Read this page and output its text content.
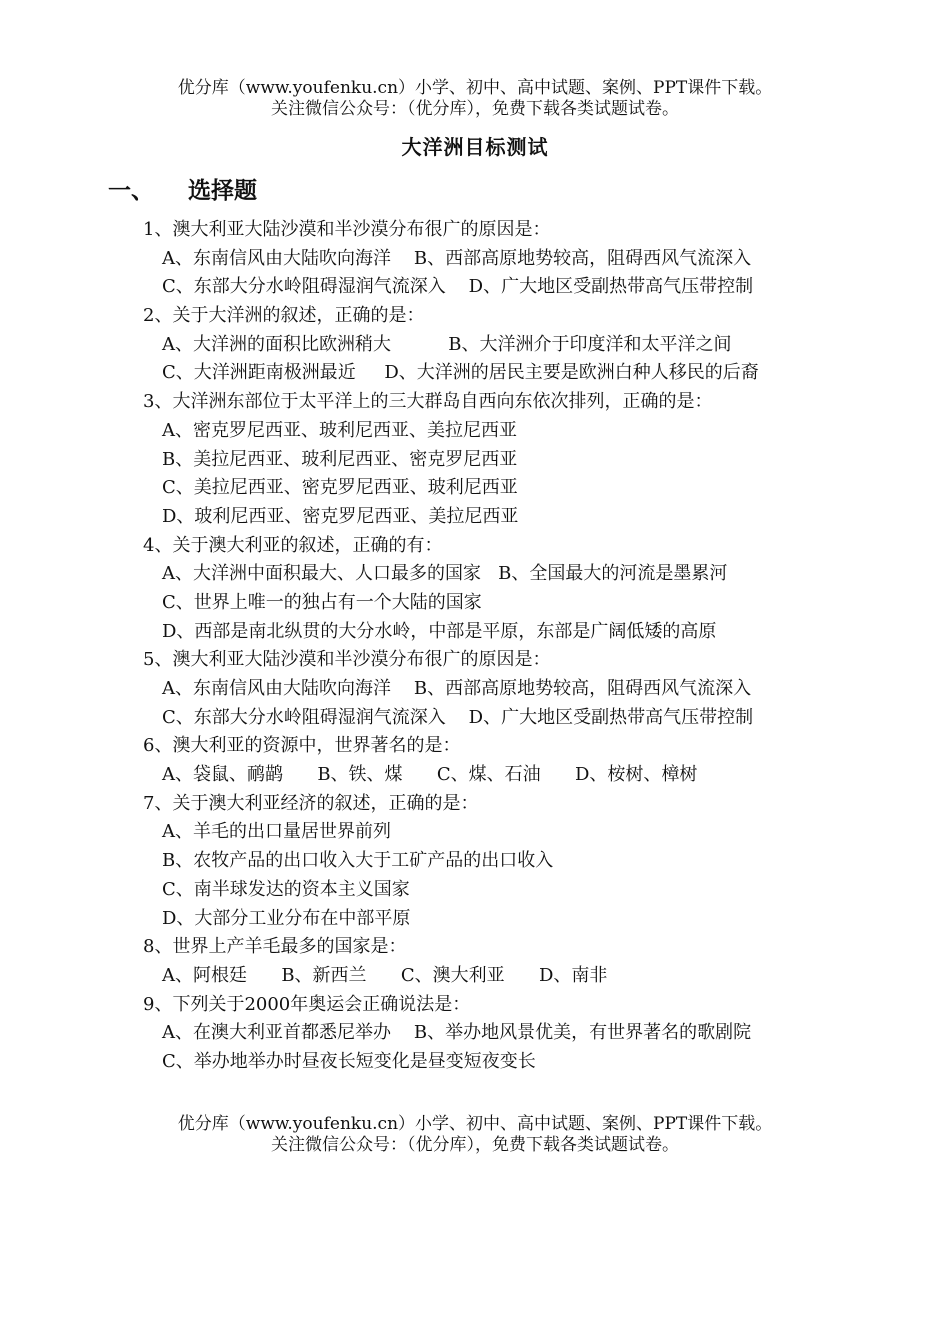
优分库（www.youfenku.cn）小学、初中、高中试题、案例、PPT课件下载。
关注微信公众号：（优分库），免费下载各类试题试卷。
大洋洲目标测试
一、 选择题
1、澳大利亚大陆沙漠和半沙漠分布很广的原因是：
A、东南信风由大陆吹向海洋    B、西部高原地势较高，阻碍西风气流深入
C、东部大分水岭阻碍湿润气流深入    D、广大地区受副热带高气压带控制
2、关于大洋洲的叙述，正确的是：
A、大洋洲的面积比欧洲稍大          B、大洋洲介于印度洋和太平洋之间
C、大洋洲距南极洲最近     D、大洋洲的居民主要是欧洲白种人移民的后裔
3、大洋洲东部位于太平洋上的三大群岛自西向东依次排列，正确的是：
A、密克罗尼西亚、玻利尼西亚、美拉尼西亚
B、美拉尼西亚、玻利尼西亚、密克罗尼西亚
C、美拉尼西亚、密克罗尼西亚、玻利尼西亚
D、玻利尼西亚、密克罗尼西亚、美拉尼西亚
4、关于澳大利亚的叙述，正确的有：
A、大洋洲中面积最大、人口最多的国家   B、全国最大的河流是墨累河
C、世界上唯一的独占有一个大陆的国家
D、西部是南北纵贯的大分水岭，中部是平原，东部是广阔低矮的高原
5、澳大利亚大陆沙漠和半沙漠分布很广的原因是：
A、东南信风由大陆吹向海洋    B、西部高原地势较高，阻碍西风气流深入
C、东部大分水岭阻碍湿润气流深入    D、广大地区受副热带高气压带控制
6、澳大利亚的资源中，世界著名的是：
A、袋鼠、鸸鹋      B、铁、煤      C、煤、石油      D、桉树、樟树
7、关于澳大利亚经济的叙述，正确的是：
A、羊毛的出口量居世界前列
B、农牧产品的出口收入大于工矿产品的出口收入
C、南半球发达的资本主义国家
D、大部分工业分布在中部平原
8、世界上产羊毛最多的国家是：
A、阿根廷      B、新西兰      C、澳大利亚      D、南非
9、下列关于2000年奥运会正确说法是：
A、在澳大利亚首都悉尼举办    B、举办地风景优美，有世界著名的歌剧院
C、举办地举办时昼夜长短变化是昼变短夜变长
优分库（www.youfenku.cn）小学、初中、高中试题、案例、PPT课件下载。
关注微信公众号：（优分库），免费下载各类试题试卷。
